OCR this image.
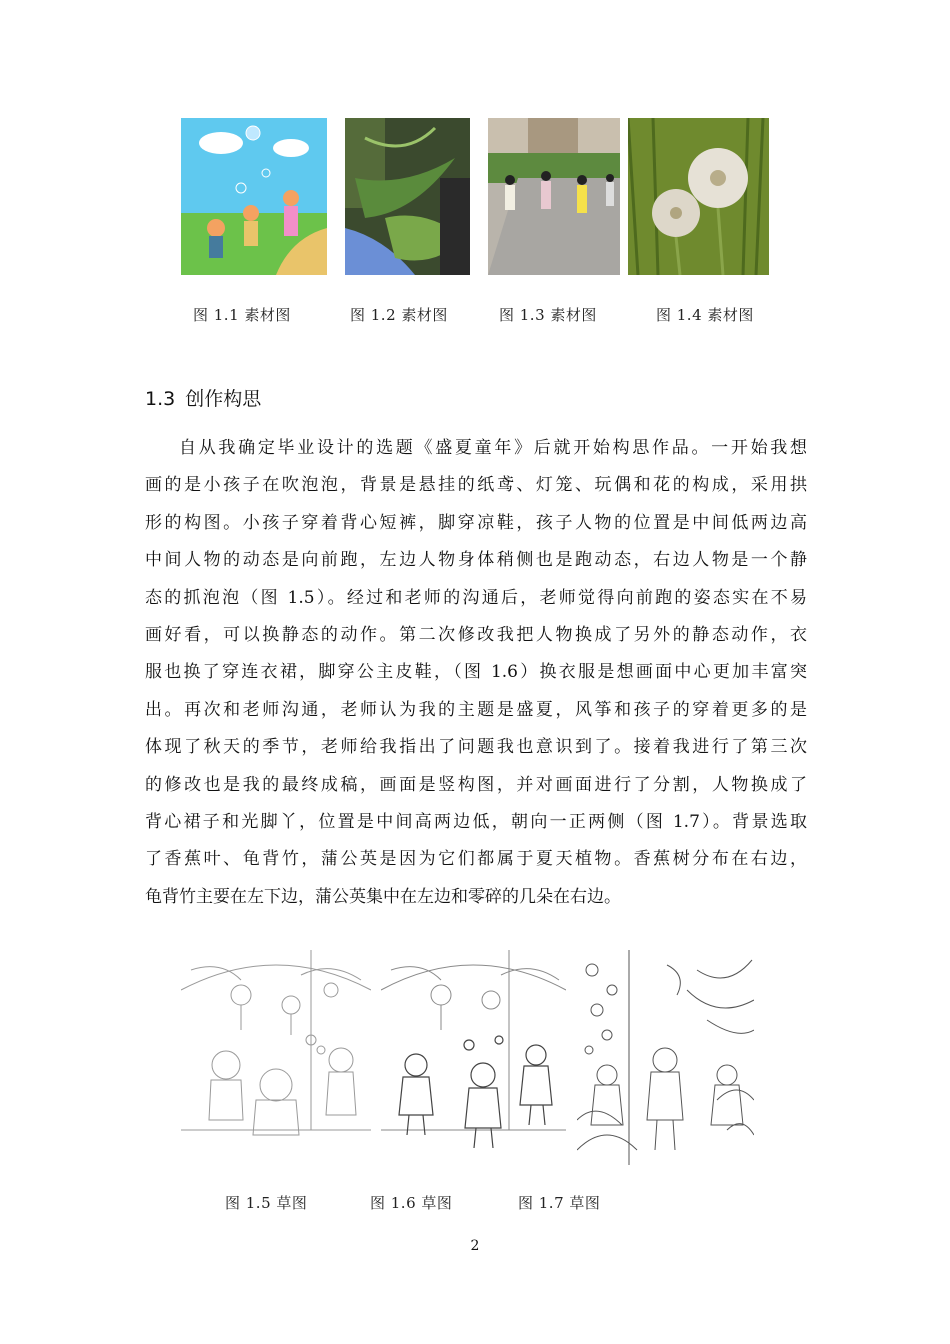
图 1.1 素材图	图 1.2 素材图	图 1.3 素材图	图 1.4 素材图
1.3 创作构思

自从我确定毕业设计的选题《盛夏童年》后就开始构思作品。一开始我想
画的是小孩子在吹泡泡，背景是悬挂的纸鸢、灯笼、玩偶和花的构成，采用拱
形的构图。小孩子穿着背心短裤，脚穿凉鞋，孩子人物的位置是中间低两边高
中间人物的动态是向前跑，左边人物身体稍侧也是跑动态，右边人物是一个静
态的抓泡泡（图 1.5）。经过和老师的沟通后，老师觉得向前跑的姿态实在不易
画好看，可以换静态的动作。第二次修改我把人物换成了另外的静态动作，衣
服也换了穿连衣裙，脚穿公主皮鞋，（图 1.6）换衣服是想画面中心更加丰富突
出。再次和老师沟通，老师认为我的主题是盛夏，风筝和孩子的穿着更多的是
体现了秋天的季节，老师给我指出了问题我也意识到了。接着我进行了第三次
的修改也是我的最终成稿，画面是竖构图，并对画面进行了分割，人物换成了
背心裙子和光脚丫，位置是中间高两边低，朝向一正两侧（图 1.7）。背景选取
了香蕉叶、龟背竹，蒲公英是因为它们都属于夏天植物。香蕉树分布在右边，
龟背竹主要在左下边，蒲公英集中在左边和零碎的几朵在右边。

图 1.5 草图	图 1.6 草图	图 1.7 草图
2
